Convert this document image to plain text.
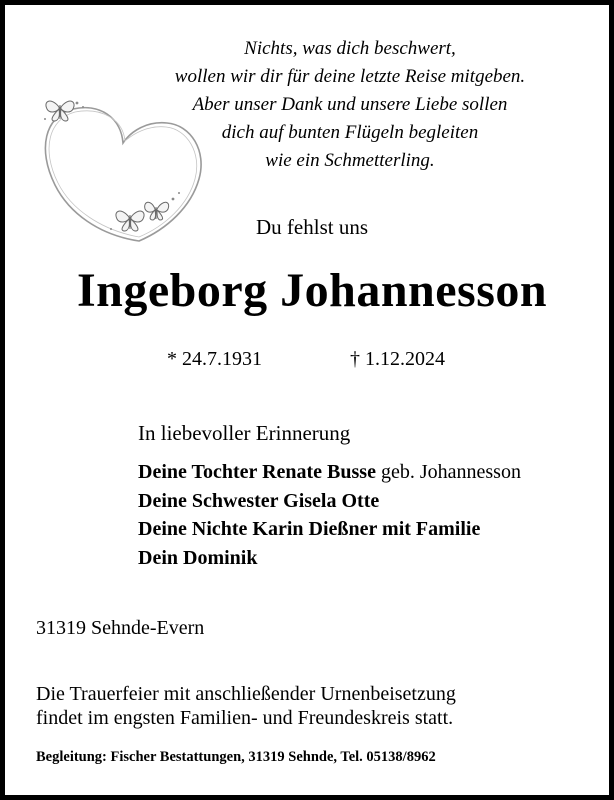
Nichts, was dich beschwert,
wollen wir dir für deine letzte Reise mitgeben.
Aber unser Dank und unsere Liebe sollen
dich auf bunten Flügeln begleiten
wie ein Schmetterling.
Du fehlst uns
Ingeborg Johannesson
* 24.7.1931	† 1.12.2024
In liebevoller Erinnerung
Deine Tochter Renate Busse geb. Johannesson
Deine Schwester Gisela Otte
Deine Nichte Karin Dießner mit Familie
Dein Dominik
31319 Sehnde-Evern
Die Trauerfeier mit anschließender Urnenbeisetzung
findet im engsten Familien- und Freundeskreis statt.
Begleitung: Fischer Bestattungen, 31319 Sehnde, Tel. 05138/8962
